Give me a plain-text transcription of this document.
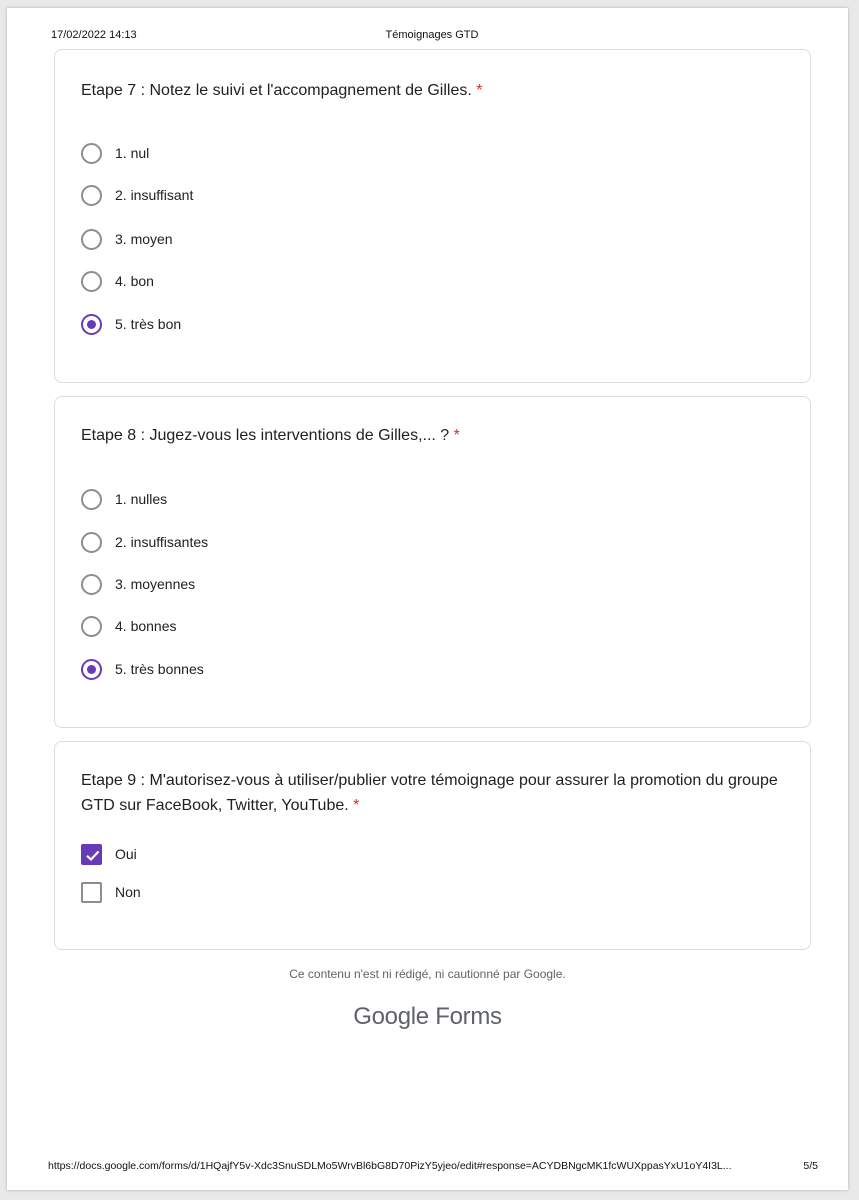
17/02/2022 14:13	Témoignages GTD
Etape 7 : Notez le suivi et l'accompagnement de Gilles. *
1. nul
2. insuffisant
3. moyen
4. bon
5. très bon
Etape 8 : Jugez-vous les interventions de Gilles,... ? *
1. nulles
2. insuffisantes
3. moyennes
4. bonnes
5. très bonnes
Etape 9 : M'autorisez-vous à utiliser/publier votre témoignage pour assurer la promotion du groupe GTD sur FaceBook, Twitter, YouTube. *
Oui
Non
Ce contenu n'est ni rédigé, ni cautionné par Google.
Google Forms
https://docs.google.com/forms/d/1HQajfY5v-Xdc3SnuSDLMo5WrvBl6bG8D70PizY5yjeo/edit#response=ACYDBNgcMK1fcWUXppasYxU1oY4I3L...	5/5
